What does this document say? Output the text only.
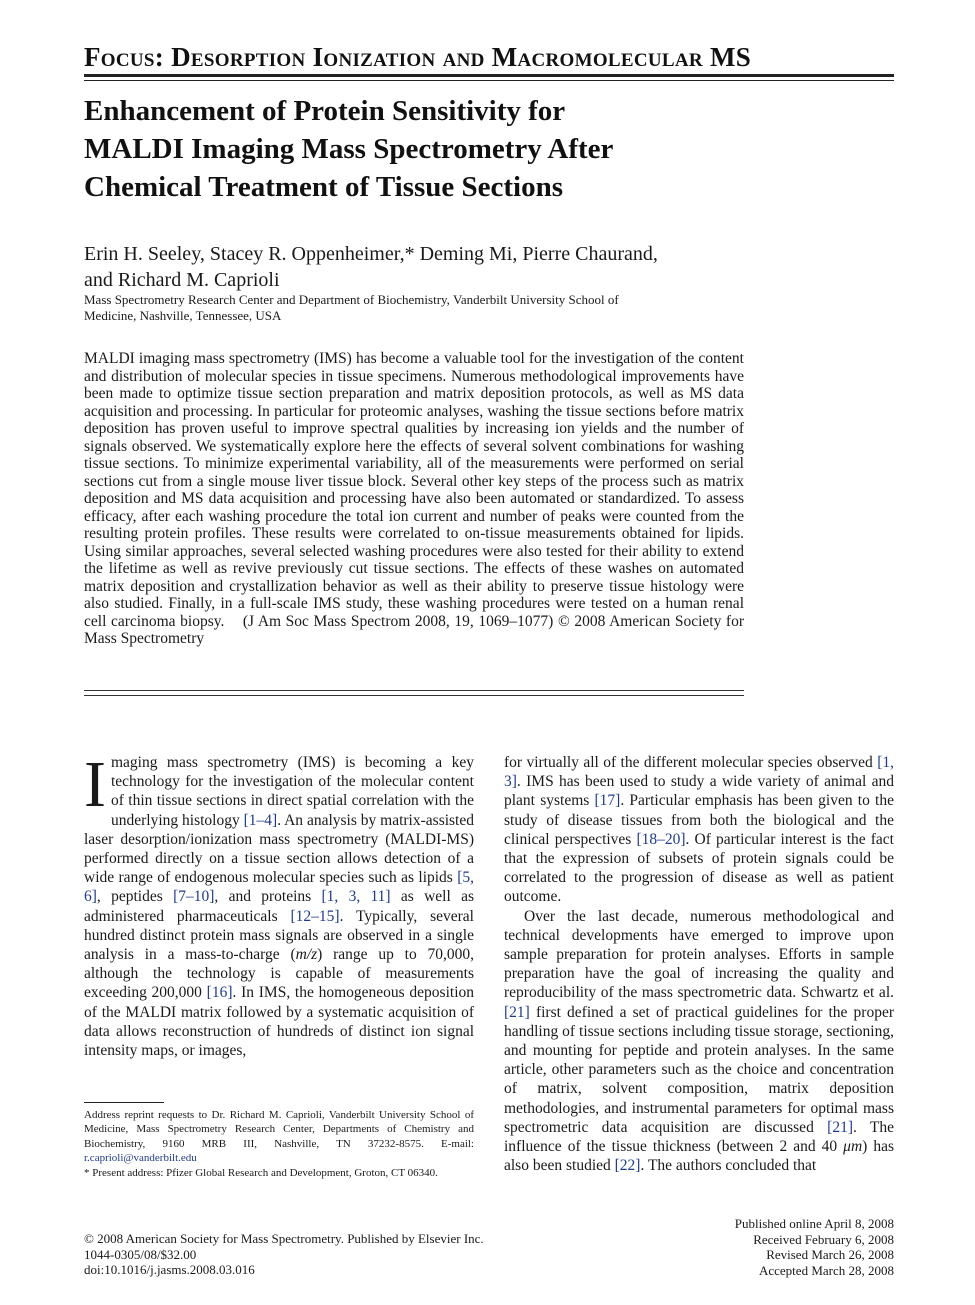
Focus: Desorption Ionization and Macromolecular MS
Enhancement of Protein Sensitivity for
MALDI Imaging Mass Spectrometry After
Chemical Treatment of Tissue Sections
Erin H. Seeley, Stacey R. Oppenheimer,* Deming Mi, Pierre Chaurand,
and Richard M. Caprioli
Mass Spectrometry Research Center and Department of Biochemistry, Vanderbilt University School of
Medicine, Nashville, Tennessee, USA
MALDI imaging mass spectrometry (IMS) has become a valuable tool for the investigation of the content and distribution of molecular species in tissue specimens. Numerous methodological improvements have been made to optimize tissue section preparation and matrix deposition protocols, as well as MS data acquisition and processing. In particular for proteomic analyses, washing the tissue sections before matrix deposition has proven useful to improve spectral qualities by increasing ion yields and the number of signals observed. We systematically explore here the effects of several solvent combinations for washing tissue sections. To minimize experimental variability, all of the measurements were performed on serial sections cut from a single mouse liver tissue block. Several other key steps of the process such as matrix deposition and MS data acquisition and processing have also been automated or standardized. To assess efficacy, after each washing procedure the total ion current and number of peaks were counted from the resulting protein profiles. These results were correlated to on-tissue measurements obtained for lipids. Using similar approaches, several selected washing procedures were also tested for their ability to extend the lifetime as well as revive previously cut tissue sections. The effects of these washes on automated matrix deposition and crystallization behavior as well as their ability to preserve tissue histology were also studied. Finally, in a full-scale IMS study, these washing procedures were tested on a human renal cell carcinoma biopsy. (J Am Soc Mass Spectrom 2008, 19, 1069–1077) © 2008 American Society for Mass Spectrometry

Imaging mass spectrometry (IMS) is becoming a key technology for the investigation of the molecular content of thin tissue sections in direct spatial correlation with the underlying histology [1–4]. An analysis by matrix-assisted laser desorption/ionization mass spectrometry (MALDI-MS) performed directly on a tissue section allows detection of a wide range of endogenous molecular species such as lipids [5, 6], peptides [7–10], and proteins [1, 3, 11] as well as administered pharmaceuticals [12–15]. Typically, several hundred distinct protein mass signals are observed in a single analysis in a mass-to-charge (m/z) range up to 70,000, although the technology is capable of measurements exceeding 200,000 [16]. In IMS, the homogeneous deposition of the MALDI matrix followed by a systematic acquisition of data allows reconstruction of hundreds of distinct ion signal intensity maps, or images,

for virtually all of the different molecular species observed [1, 3]. IMS has been used to study a wide variety of animal and plant systems [17]. Particular emphasis has been given to the study of disease tissues from both the biological and the clinical perspectives [18–20]. Of particular interest is the fact that the expression of subsets of protein signals could be correlated to the progression of disease as well as patient outcome.

Over the last decade, numerous methodological and technical developments have emerged to improve upon sample preparation for protein analyses. Efforts in sample preparation have the goal of increasing the quality and reproducibility of the mass spectrometric data. Schwartz et al. [21] first defined a set of practical guidelines for the proper handling of tissue sections including tissue storage, sectioning, and mounting for peptide and protein analyses. In the same article, other parameters such as the choice and concentration of matrix, solvent composition, matrix deposition methodologies, and instrumental parameters for optimal mass spectrometric data acquisition are discussed [21]. The influence of the tissue thickness (between 2 and 40 μm) has also been studied [22]. The authors concluded that

Address reprint requests to Dr. Richard M. Caprioli, Vanderbilt University School of Medicine, Mass Spectrometry Research Center, Departments of Chemistry and Biochemistry, 9160 MRB III, Nashville, TN 37232-8575. E-mail: r.caprioli@vanderbilt.edu
* Present address: Pfizer Global Research and Development, Groton, CT 06340.
© 2008 American Society for Mass Spectrometry. Published by Elsevier Inc.
1044-0305/08/$32.00
doi:10.1016/j.jasms.2008.03.016
Published online April 8, 2008
Received February 6, 2008
Revised March 26, 2008
Accepted March 28, 2008
